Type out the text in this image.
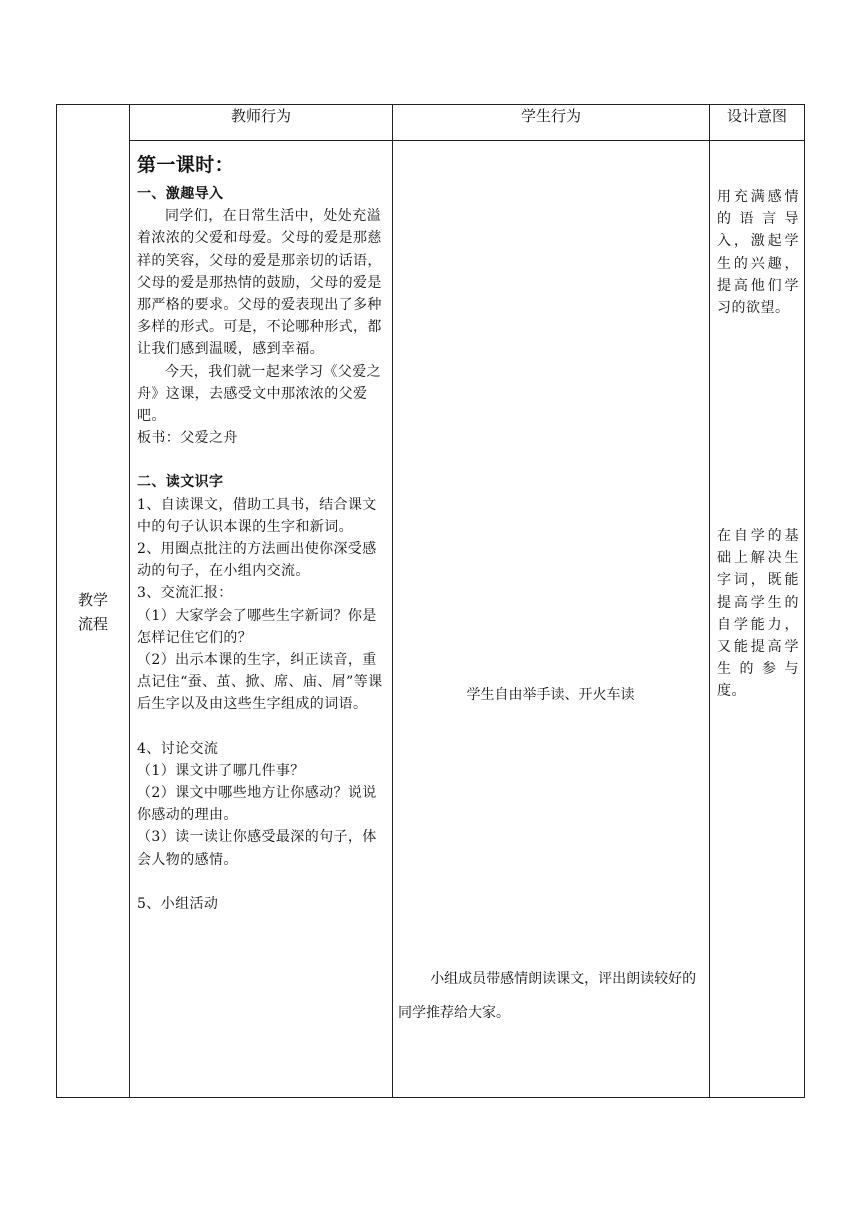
教师行为	学生行为	设计意图
教学
流程

第一课时：

一、激趣导入

同学们，在日常生活中，处处充溢着浓浓的父爱和母爱。父母的爱是那慈祥的笑容，父母的爱是那亲切的话语，父母的爱是那热情的鼓励，父母的爱是那严格的要求。父母的爱表现出了多种多样的形式。可是，不论哪种形式，都让我们感到温暖，感到幸福。

今天，我们就一起来学习《父爱之舟》这课，去感受文中那浓浓的父爱吧。

板书：父爱之舟

二、读文识字

1、自读课文，借助工具书，结合课文中的句子认识本课的生字和新词。

2、用圈点批注的方法画出使你深受感动的句子，在小组内交流。

3、交流汇报：

（1）大家学会了哪些生字新词？你是怎样记住它们的？

（2）出示本课的生字，纠正读音，重点记住“蚕、茧、掀、席、庙、屑”等课后生字以及由这些生字组成的词语。

4、讨论交流

（1）课文讲了哪几件事？

（2）课文中哪些地方让你感动？说说你感动的理由。

（3）读一读让你感受最深的句子，体会人物的感情。

5、小组活动

学生自由举手读、开火车读
小组成员带感情朗读课文，评出朗读较好的同学推荐给大家。
用充满感情的语言导入，激起学生的兴趣，提高他们学习的欲望。
在自学的基础上解决生字词，既能提高学生的自学能力，又能提高学生的参与度。
